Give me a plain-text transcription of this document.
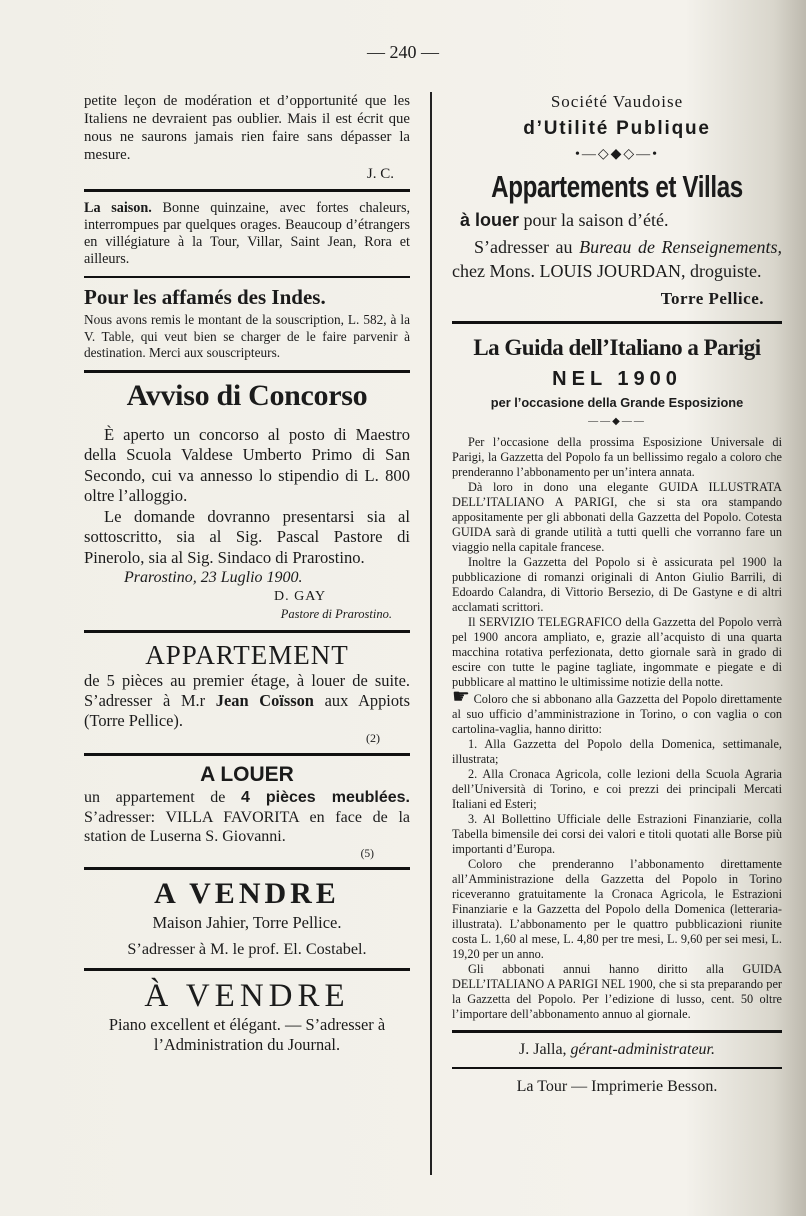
— 240 —

petite leçon de modération et d’opportunité que les Italiens ne devraient pas oublier. Mais il est écrit que nous ne saurons jamais rien faire sans dépasser la mesure.

J. C.

La saison. Bonne quinzaine, avec fortes chaleurs, interrompues par quelques orages. Beaucoup d’étrangers en villégiature à la Tour, Villar, Saint Jean, Rora et ailleurs.

Pour les affamés des Indes.

Nous avons remis le montant de la souscription, L. 582, à la V. Table, qui veut bien se charger de le faire parvenir à destination. Merci aux souscripteurs.

Avviso di Concorso

È aperto un concorso al posto di Maestro della Scuola Valdese Umberto Primo di San Secondo, cui va annesso lo stipendio di L. 800 oltre l’alloggio.

Le domande dovranno presentarsi sia al sottoscritto, sia al Sig. Pascal Pastore di Pinerolo, sia al Sig. Sindaco di Prarostino.

Prarostino, 23 Luglio 1900.

D. GAY

Pastore di Prarostino.

APPARTEMENT

de 5 pièces au premier étage, à louer de suite. S’adresser à M.r Jean Coïsson aux Appiots (Torre Pellice).

(2)

A LOUER

un appartement de 4 pièces meublées. S’adresser: VILLA FAVORITA en face de la station de Luserna S. Giovanni.

(5)

A VENDRE

Maison Jahier, Torre Pellice.

S’adresser à M. le prof. El. Costabel.

À VENDRE

Piano excellent et élégant. — S’adresser à l’Administration du Journal.

Société Vaudoise

d’Utilité Publique

•—◇◆◇—•

Appartements et Villas

à louer pour la saison d’été.

S’adresser au Bureau de Renseignements, chez Mons. LOUIS JOURDAN, droguiste.

Torre Pellice.

La Guida dell’Italiano a Parigi

NEL 1900

per l’occasione della Grande Esposizione

——◆——

Per l’occasione della prossima Esposizione Universale di Parigi, la Gazzetta del Popolo fa un bellissimo regalo a coloro che prenderanno l’abbonamento per un’intera annata.

Dà loro in dono una elegante GUIDA ILLUSTRATA DELL’ITALIANO A PARIGI, che si sta ora stampando appositamente per gli abbonati della Gazzetta del Popolo. Cotesta GUIDA sarà di grande utilità a tutti quelli che vorranno fare un viaggio nella capitale francese.

Inoltre la Gazzetta del Popolo si è assicurata pel 1900 la pubblicazione di romanzi originali di Anton Giulio Barrili, di Edoardo Calandra, di Vittorio Bersezio, di De Gastyne e di altri acclamati scrittori.

Il SERVIZIO TELEGRAFICO della Gazzetta del Popolo verrà pel 1900 ancora ampliato, e, grazie all’acquisto di una quarta macchina rotativa perfezionata, detto giornale sarà in grado di escire con tutte le pagine tagliate, ingommate e piegate e di pubblicare al mattino le ultimissime notizie della notte.

☛ Coloro che si abbonano alla Gazzetta del Popolo direttamente al suo ufficio d’amministrazione in Torino, o con vaglia o con cartolina-vaglia, hanno diritto:

1. Alla Gazzetta del Popolo della Domenica, settimanale, illustrata;

2. Alla Cronaca Agricola, colle lezioni della Scuola Agraria dell’Università di Torino, e coi prezzi dei principali Mercati Italiani ed Esteri;

3. Al Bollettino Ufficiale delle Estrazioni Finanziarie, colla Tabella bimensile dei corsi dei valori e titoli quotati alle Borse più importanti d’Europa.

Coloro che prenderanno l’abbonamento direttamente all’Amministrazione della Gazzetta del Popolo in Torino riceveranno gratuitamente la Cronaca Agricola, le Estrazioni Finanziarie e la Gazzetta del Popolo della Domenica (letteraria-illustrata). L’abbonamento per le quattro pubblicazioni riunite costa L. 1,60 al mese, L. 4,80 per tre mesi, L. 9,60 per sei mesi, L. 19,20 per un anno.

Gli abbonati annui hanno diritto alla GUIDA DELL’ITALIANO A PARIGI NEL 1900, che si sta preparando per la Gazzetta del Popolo. Per l’edizione di lusso, cent. 50 oltre l’importare dell’abbonamento annuo al giornale.

J. Jalla, gérant-administrateur.

La Tour — Imprimerie Besson.
